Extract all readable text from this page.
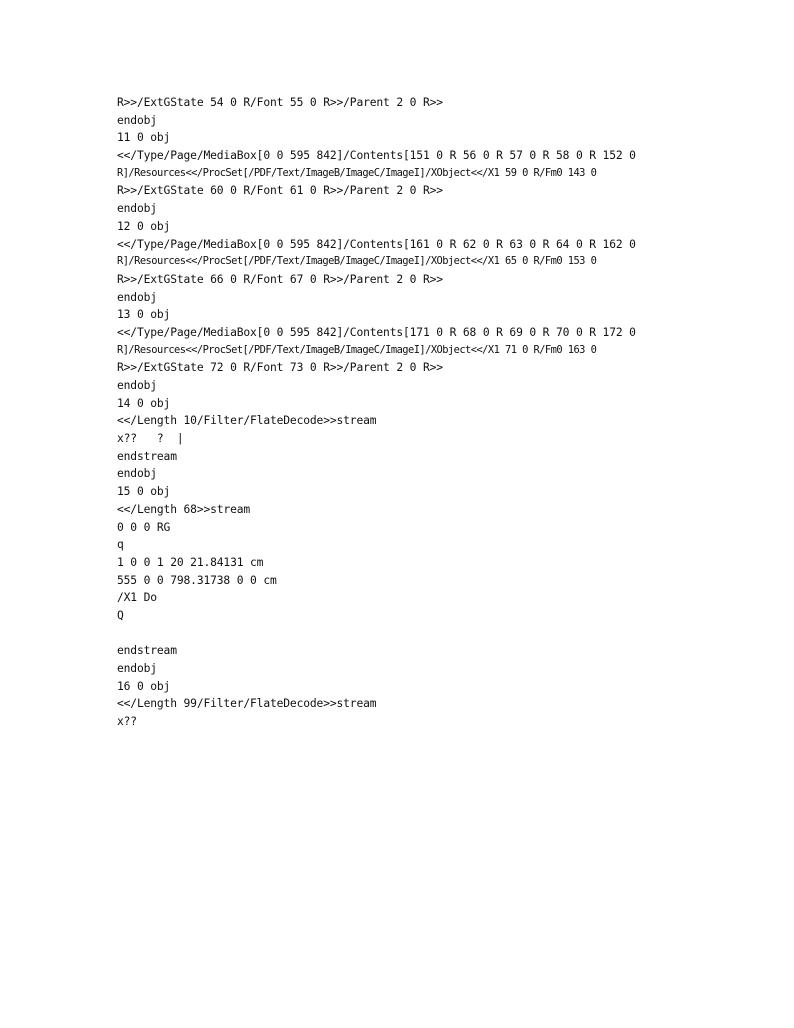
R>>/ExtGState 54 0 R/Font 55 0 R>>/Parent 2 0 R>>
endobj
11 0 obj
<</Type/Page/MediaBox[0 0 595 842]/Contents[151 0 R 56 0 R 57 0 R 58 0 R 152 0
R]/Resources<</ProcSet[/PDF/Text/ImageB/ImageC/ImageI]/XObject<</X1 59 0 R/Fm0 143 0
R>>/ExtGState 60 0 R/Font 61 0 R>>/Parent 2 0 R>>
endobj
12 0 obj
<</Type/Page/MediaBox[0 0 595 842]/Contents[161 0 R 62 0 R 63 0 R 64 0 R 162 0
R]/Resources<</ProcSet[/PDF/Text/ImageB/ImageC/ImageI]/XObject<</X1 65 0 R/Fm0 153 0
R>>/ExtGState 66 0 R/Font 67 0 R>>/Parent 2 0 R>>
endobj
13 0 obj
<</Type/Page/MediaBox[0 0 595 842]/Contents[171 0 R 68 0 R 69 0 R 70 0 R 172 0
R]/Resources<</ProcSet[/PDF/Text/ImageB/ImageC/ImageI]/XObject<</X1 71 0 R/Fm0 163 0
R>>/ExtGState 72 0 R/Font 73 0 R>>/Parent 2 0 R>>
endobj
14 0 obj
<</Length 10/Filter/FlateDecode>>stream
x??   ?  |
endstream
endobj
15 0 obj
<</Length 68>>stream
0 0 0 RG
q
1 0 0 1 20 21.84131 cm
555 0 0 798.31738 0 0 cm
/X1 Do
Q
endstream
endobj
16 0 obj
<</Length 99/Filter/FlateDecode>>stream
x??
